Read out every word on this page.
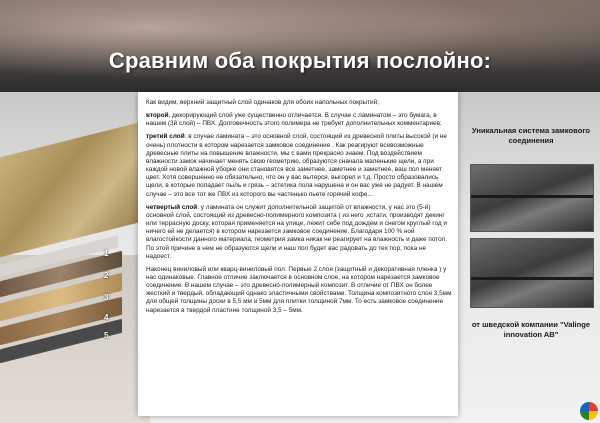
Сравним оба покрытия послойно:
1
2
3
4
5

Как видим, верхний защитный слой одинаков для обоих напольных покрытий;

второй, декорирующий слой уже существенно отличается. В случае с ламинатом – это бумага, в нашем (3й слой) – ПВХ. Долговечность этого полимера не требует дополнительных комментариев;

третий слой: в случае ламината – это основной слой, состоящий из древесной плиты высокой (и не очень) плотности в котором нарезается замковое соединение . Как реагируют всевозможные древесные плиты на повышение влажности, мы с вами прекрасно знаем. Под воздействием влажности замок начинает менять свою геометрию, образуются сначала маленькие щели, а при каждой новой влажной уборке они становятся все заметнее, заметнее и заметнее, ваш пол меняет цвет. Хотя совершенно не обязательно, что он у вас вытерся, выгорел и т.д. Просто образовались щели, в которые попадает пыль и грязь – эстетика пола нарушена и он вас уже не радует. В нашем случае – это все тот же ПВХ из которого вы частенько пьете горячий кофе...

четвертый слой: у ламината он служит дополнительной защитой от влажности, у нас это (5-й) основной слой, состоящий из древесно-полимерного композита ( из него ,кстати, производят декинг или террасную доску, которая применяется на улице, лежит себе под дождем и снегом круглый год и ничего ей не делается) в котором нарезается замковое соединение. Благодаря 100 % ной влагостойкости данного материала, геометрия замка никак не реагирует на влажность и даже потоп. По этой причине в нем не образуются щели и наш пол будет вас радовать до тех пор, пока не надоест.

Наконец виниловый или кварц-виниловый пол. Первые 2 слоя (защитный и декоративная пленка ) у нас одинаковые. Главное отличие заключается в основном слое, на котором нарезается замковое соединение. В нашем случае – это древесно-полимерный композит. В отличие от ПВХ он более жесткий и твердый, обладающий однако эластичными свойствами. Толщина композитного слоя 3,5мм для общей толщины доски в 5,5 мм и 5мм для плитки толщиной 7мм. То есть замковое соединение нарезается в твердой пластине толщиной 3,5 – 5мм.

Уникальная система замкового соединения
от шведской компании "Valinge innovation AB"
